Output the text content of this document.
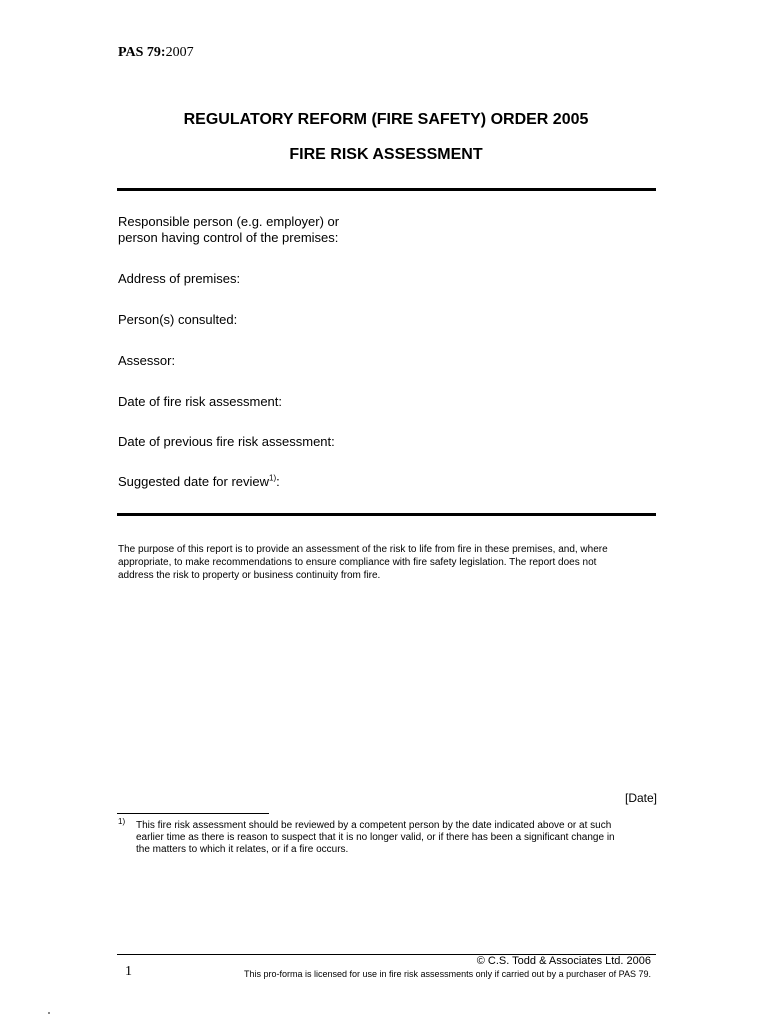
PAS 79:2007
REGULATORY REFORM (FIRE SAFETY) ORDER 2005
FIRE RISK ASSESSMENT
Responsible person (e.g. employer) or
person having control of the premises:
Address of premises:
Person(s) consulted:
Assessor:
Date of fire risk assessment:
Date of previous fire risk assessment:
Suggested date for review$^{1)}$:
The purpose of this report is to provide an assessment of the risk to life from fire in these premises, and, where
appropriate, to make recommendations to ensure compliance with fire safety legislation. The report does not
address the risk to property or business continuity from fire.
[Date]
1) This fire risk assessment should be reviewed by a competent person by the date indicated above or at such
earlier time as there is reason to suspect that it is no longer valid, or if there has been a significant change in
the matters to which it relates, or if a fire occurs.
© C.S. Todd & Associates Ltd. 2006
1	This pro-forma is licensed for use in fire risk assessments only if carried out by a purchaser of PAS 79.
